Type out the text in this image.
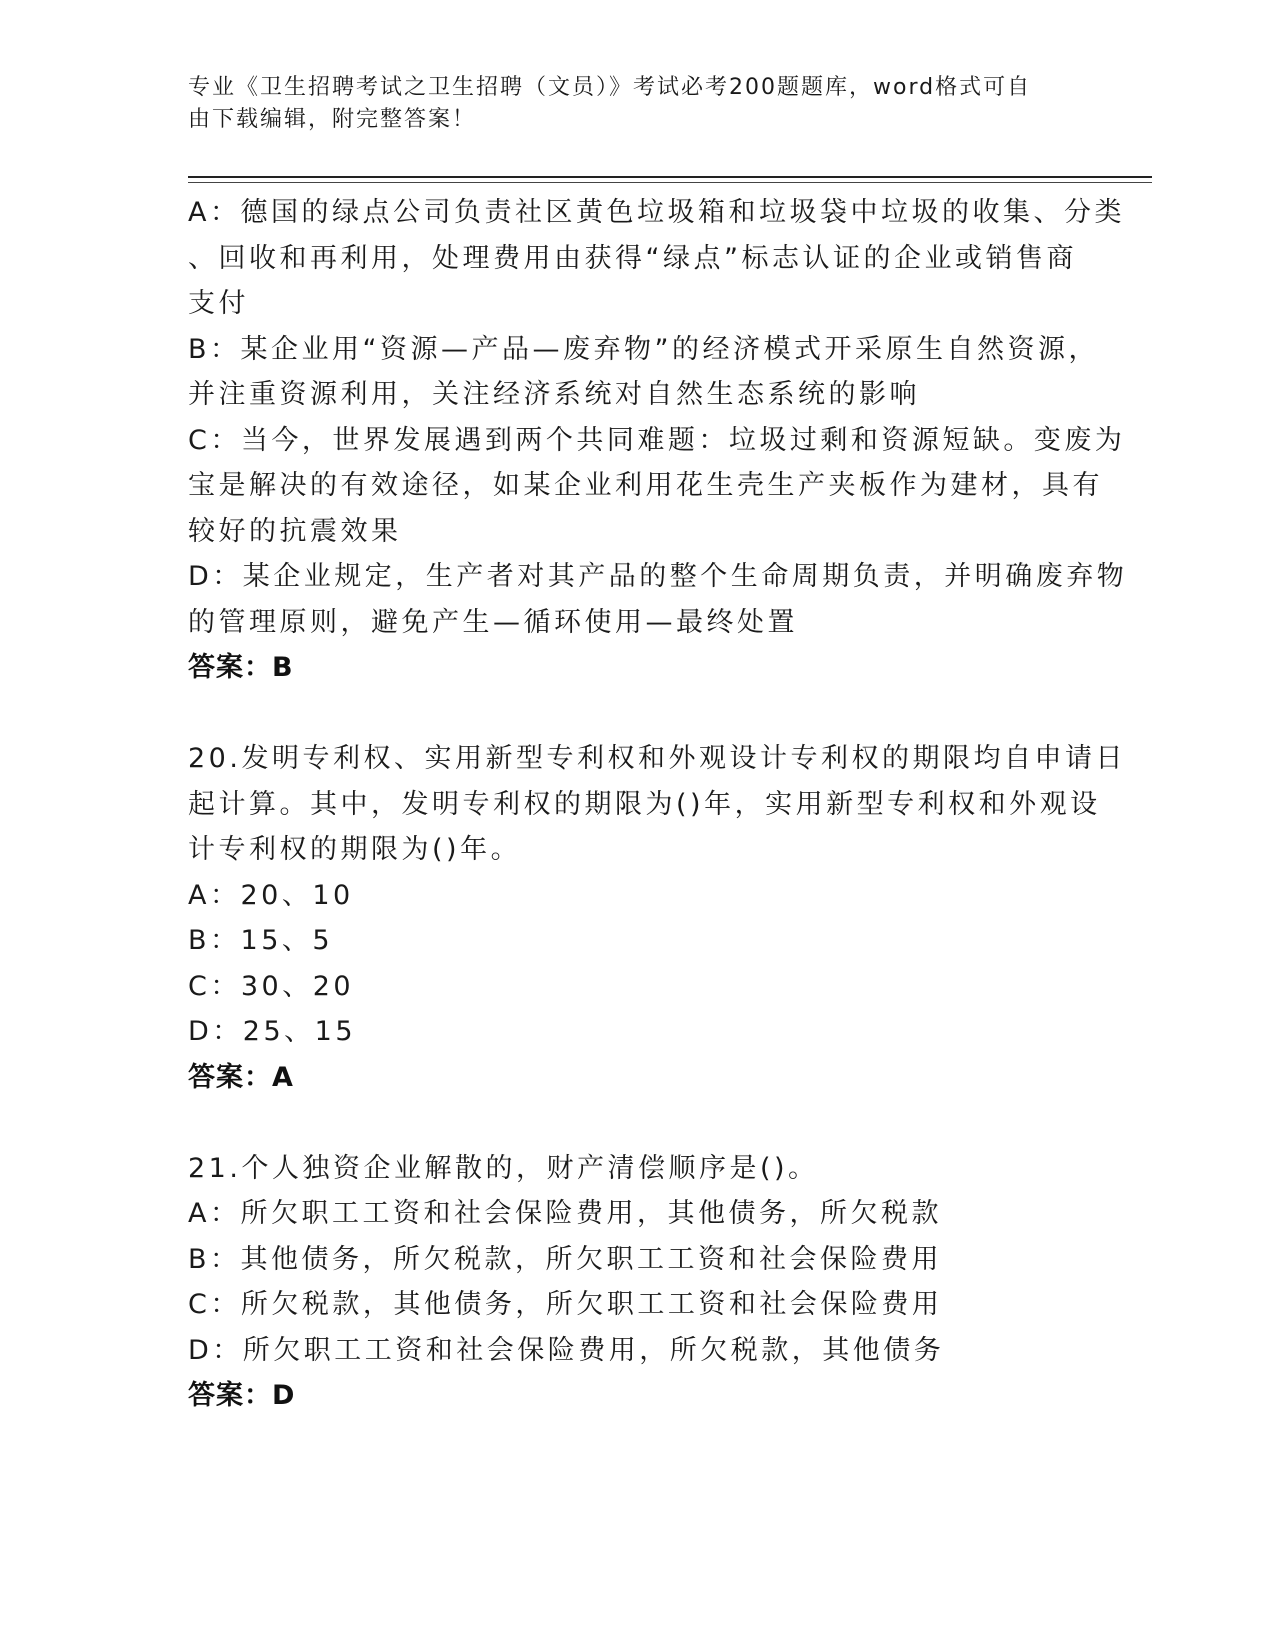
专业《卫生招聘考试之卫生招聘（文员）》考试必考200题题库，word格式可自
由下载编辑，附完整答案！
A：德国的绿点公司负责社区黄色垃圾箱和垃圾袋中垃圾的收集、分类
、回收和再利用，处理费用由获得“绿点”标志认证的企业或销售商
支付
B：某企业用“资源—产品—废弃物”的经济模式开采原生自然资源，
并注重资源利用，关注经济系统对自然生态系统的影响
C：当今，世界发展遇到两个共同难题：垃圾过剩和资源短缺。变废为
宝是解决的有效途径，如某企业利用花生壳生产夹板作为建材，具有
较好的抗震效果
D：某企业规定，生产者对其产品的整个生命周期负责，并明确废弃物
的管理原则，避免产生—循环使用—最终处置
答案：B
20.发明专利权、实用新型专利权和外观设计专利权的期限均自申请日
起计算。其中，发明专利权的期限为()年，实用新型专利权和外观设
计专利权的期限为()年。
A：20、10
B：15、5
C：30、20
D：25、15
答案：A
21.个人独资企业解散的，财产清偿顺序是()。
A：所欠职工工资和社会保险费用，其他债务，所欠税款
B：其他债务，所欠税款，所欠职工工资和社会保险费用
C：所欠税款，其他债务，所欠职工工资和社会保险费用
D：所欠职工工资和社会保险费用，所欠税款，其他债务
答案：D
